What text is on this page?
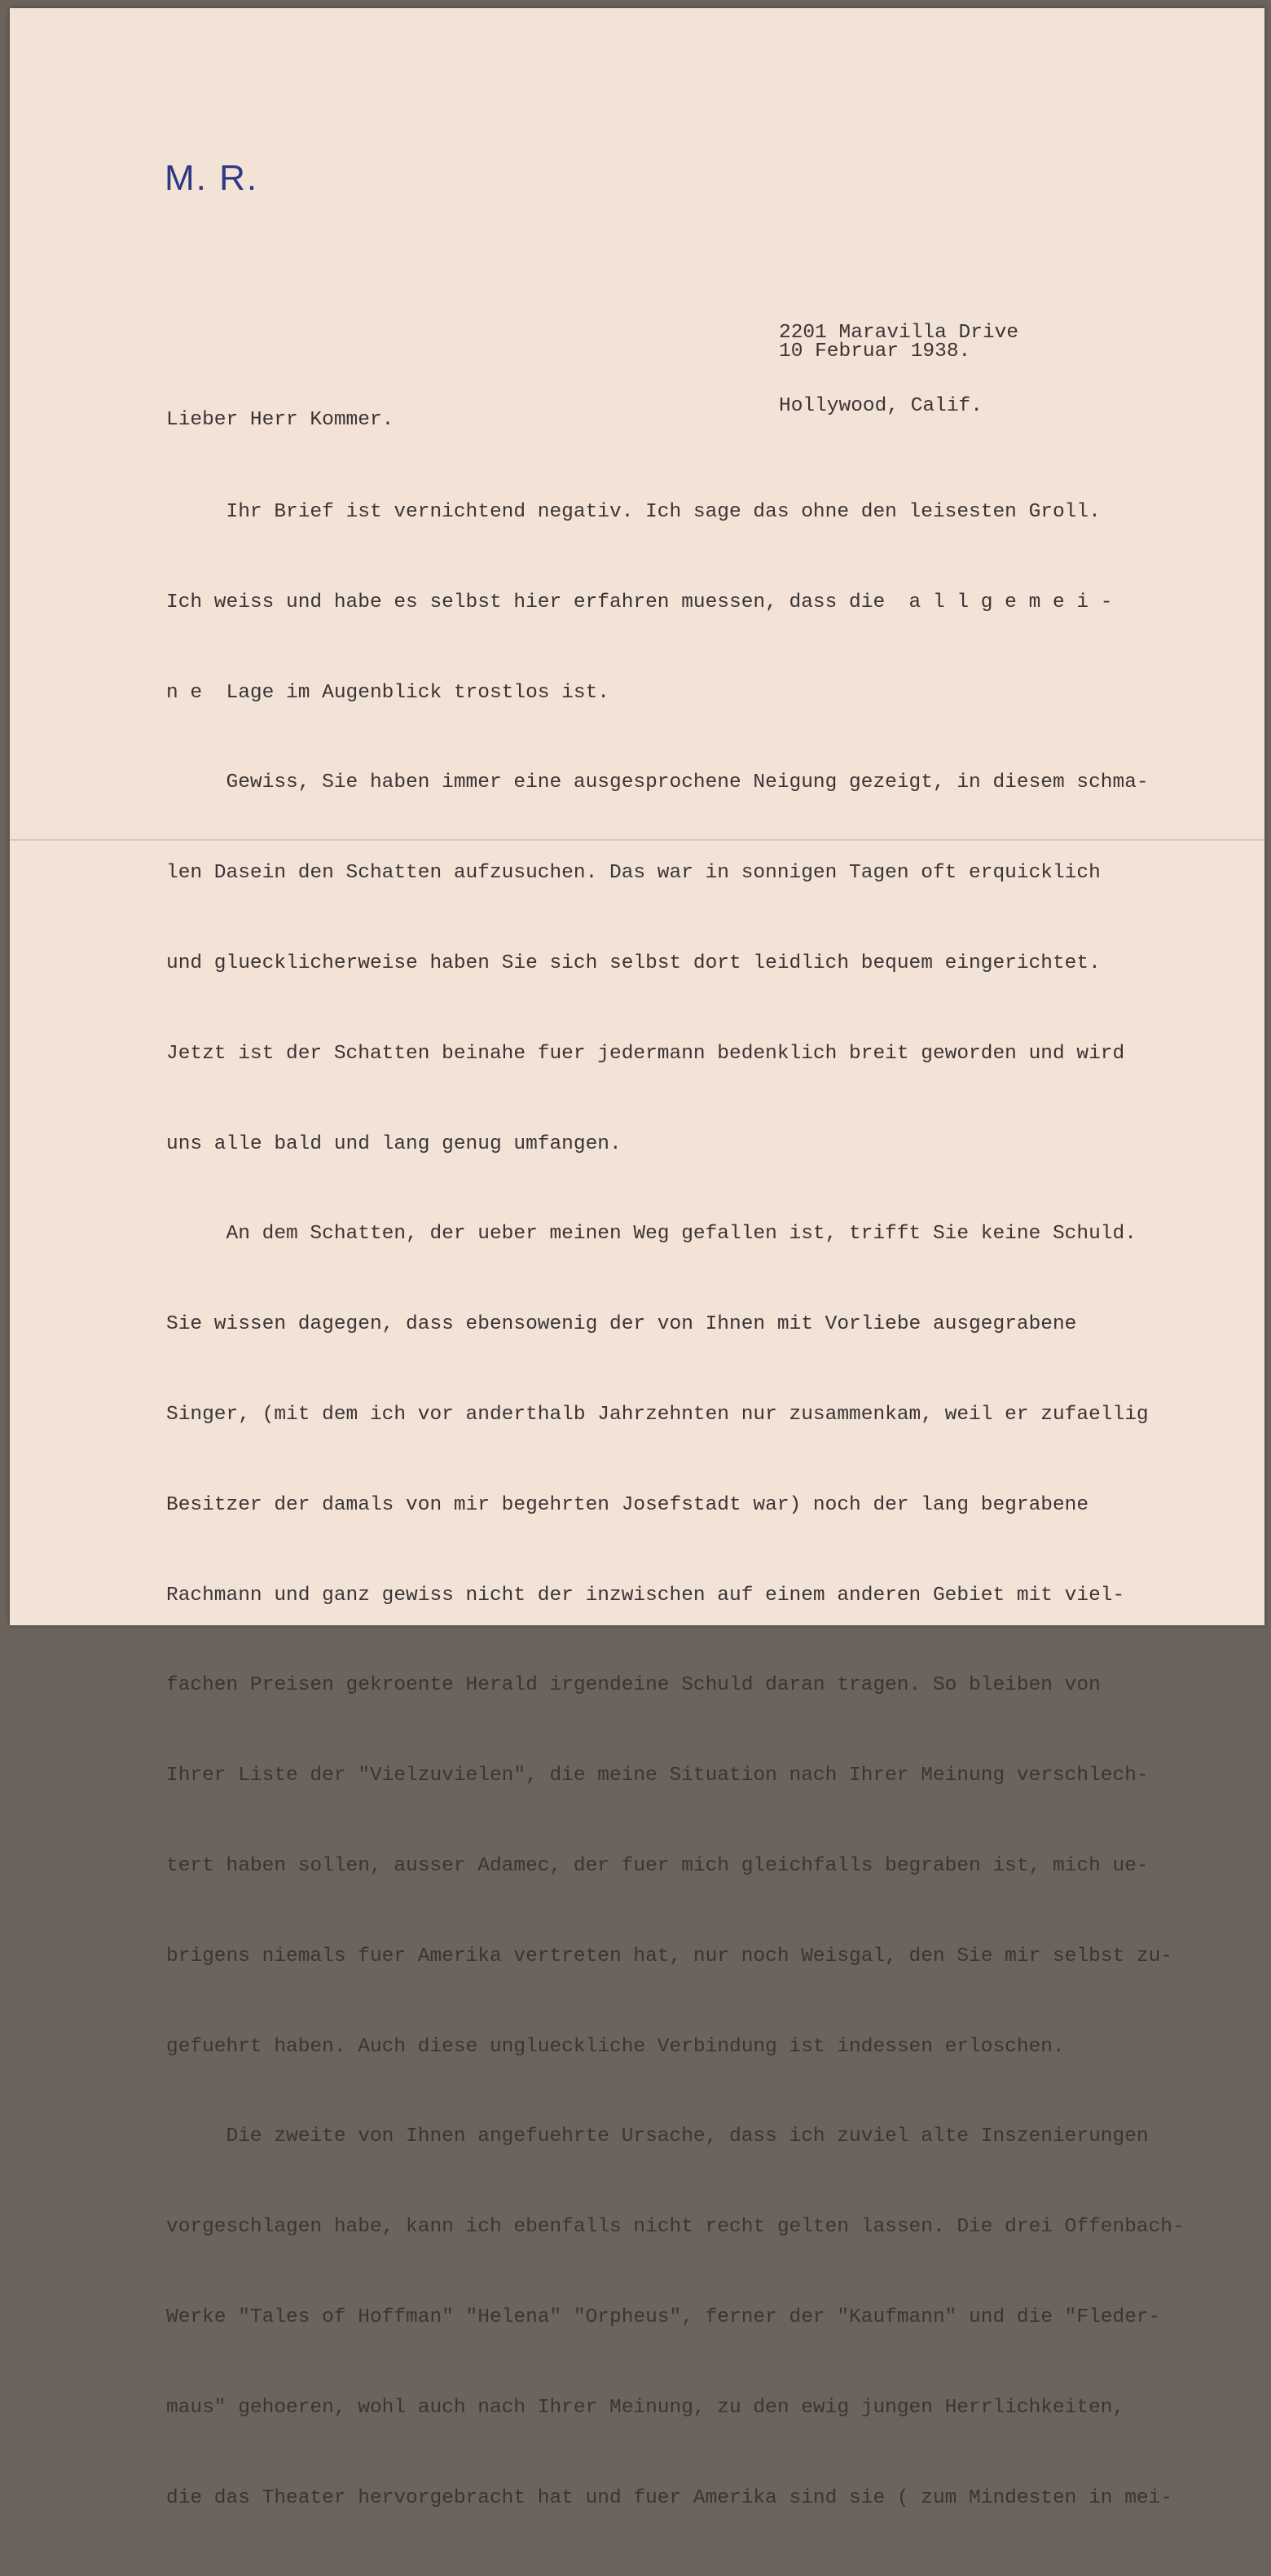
M. R.

2201 Maravilla Drive

Hollywood, Calif.

10 Februar 1938.
Lieber Herr Kommer.

Ihr Brief ist vernichtend negativ. Ich sage das ohne den leisesten Groll.

Ich weiss und habe es selbst hier erfahren muessen, dass die  a l l g e m e i -

n e  Lage im Augenblick trostlos ist.

Gewiss, Sie haben immer eine ausgesprochene Neigung gezeigt, in diesem schma-

len Dasein den Schatten aufzusuchen. Das war in sonnigen Tagen oft erquicklich

und gluecklicherweise haben Sie sich selbst dort leidlich bequem eingerichtet.

Jetzt ist der Schatten beinahe fuer jedermann bedenklich breit geworden und wird

uns alle bald und lang genug umfangen.

An dem Schatten, der ueber meinen Weg gefallen ist, trifft Sie keine Schuld.

Sie wissen dagegen, dass ebensowenig der von Ihnen mit Vorliebe ausgegrabene

Singer, (mit dem ich vor anderthalb Jahrzehnten nur zusammenkam, weil er zufaellig

Besitzer der damals von mir begehrten Josefstadt war) noch der lang begrabene

Rachmann und ganz gewiss nicht der inzwischen auf einem anderen Gebiet mit viel-

fachen Preisen gekroente Herald irgendeine Schuld daran tragen. So bleiben von

Ihrer Liste der "Vielzuvielen", die meine Situation nach Ihrer Meinung verschlech-

tert haben sollen, ausser Adamec, der fuer mich gleichfalls begraben ist, mich ue-

brigens niemals fuer Amerika vertreten hat, nur noch Weisgal, den Sie mir selbst zu-

gefuehrt haben. Auch diese unglueckliche Verbindung ist indessen erloschen.

Die zweite von Ihnen angefuehrte Ursache, dass ich zuviel alte Inszenierungen

vorgeschlagen habe, kann ich ebenfalls nicht recht gelten lassen. Die drei Offenbach-

Werke "Tales of Hoffman" "Helena" "Orpheus", ferner der "Kaufmann" und die "Fleder-

maus" gehoeren, wohl auch nach Ihrer Meinung, zu den ewig jungen Herrlichkeiten,

die das Theater hervorgebracht hat und fuer Amerika sind sie ( zum Mindesten in mei-
